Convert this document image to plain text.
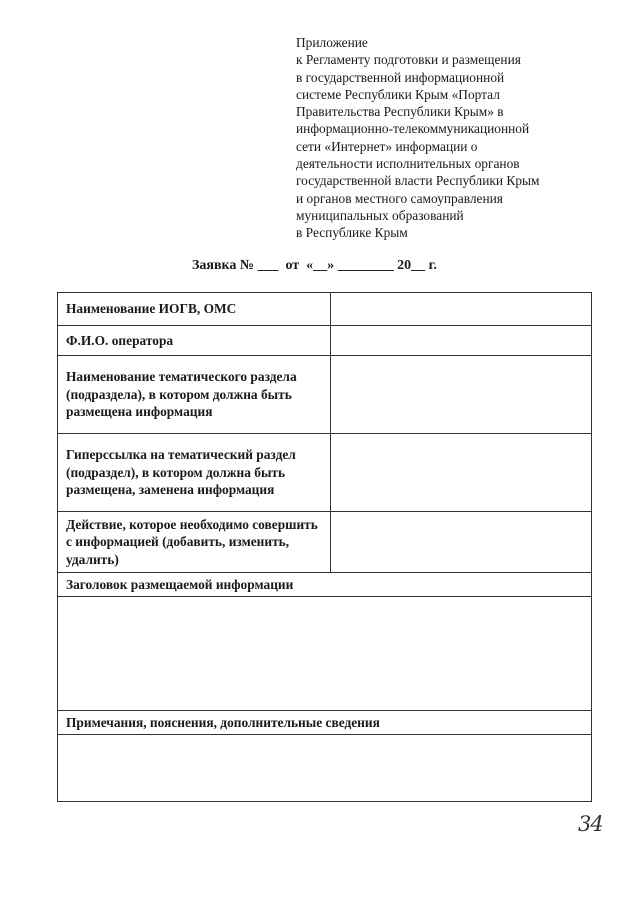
Приложение
к Регламенту подготовки и размещения
в государственной информационной
системе Республики Крым «Портал
Правительства Республики Крым» в
информационно-телекоммуникационной
сети «Интернет» информации о
деятельности исполнительных органов
государственной власти Республики Крым
и органов местного самоуправления
муниципальных образований
в Республике Крым
Заявка № ___  от  «__» ________ 20__ г.
Наименование ИОГВ, ОМС	
Ф.И.О. оператора	
Наименование тематического раздела (подраздела), в котором должна быть размещена информация	
Гиперссылка на тематический раздел (подраздел), в котором должна быть размещена, заменена информация	
Действие, которое необходимо совершить с информацией (добавить, изменить, удалить)	
Заголовок размещаемой информации	

Примечания, пояснения, дополнительные сведения	

34
